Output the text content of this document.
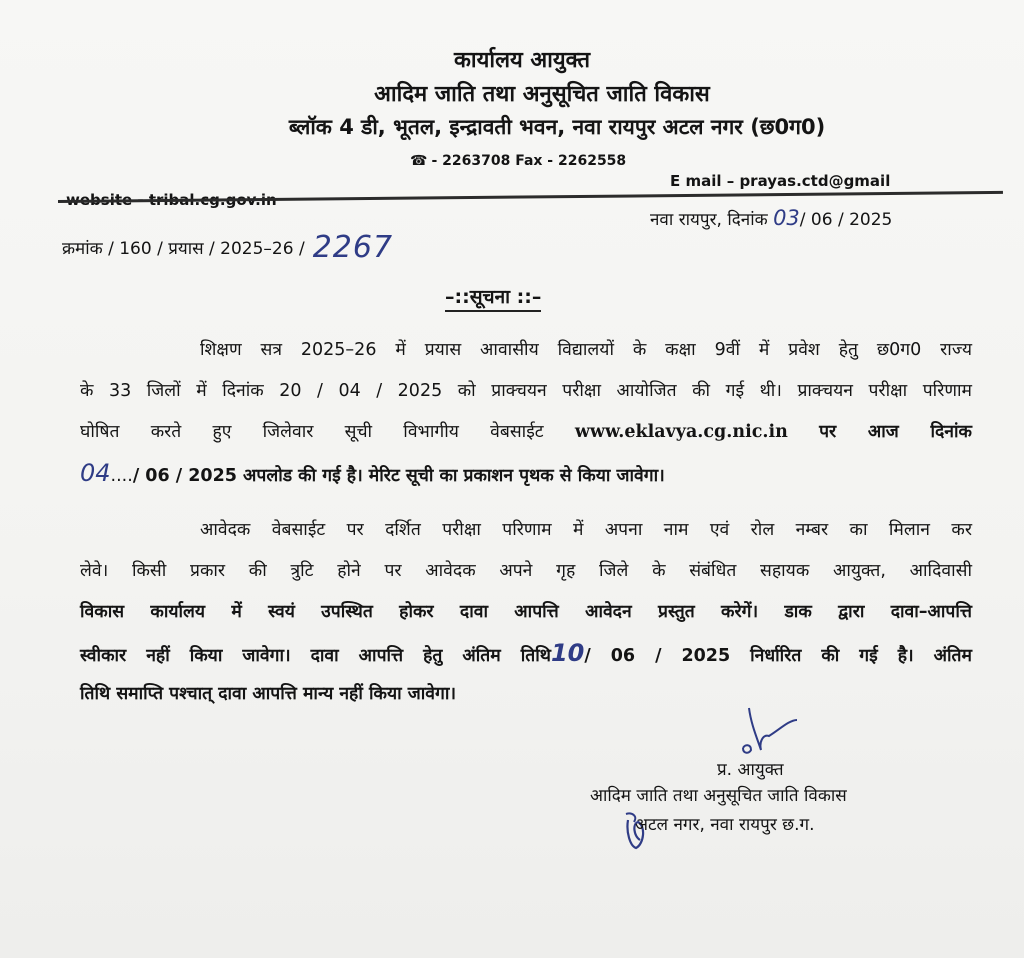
कार्यालय आयुक्त
आदिम जाति तथा अनुसूचित जाति विकास
ब्लॉक 4 डी, भूतल, इन्द्रावती भवन, नवा रायपुर अटल नगर (छ0ग0)
☎ - 2263708 Fax - 2262558
E mail – prayas.ctd@gmail
नवा रायपुर, दिनांक 03/ 06 / 2025
क्रमांक / 160 / प्रयास / 2025–26 / 2267
–::सूचना ::–
शिक्षण सत्र 2025–26 में प्रयास आवासीय विद्यालयों के कक्षा 9वीं में प्रवेश हेतु छ0ग0 राज्य
के 33 जिलों में दिनांक 20 / 04 / 2025 को प्राक्चयन परीक्षा आयोजित की गई थी। प्राक्चयन परीक्षा परिणाम
घोषित करते हुए जिलेवार सूची विभागीय वेबसाईट www.eklavya.cg.nic.in पर आज दिनांक
04..../ 06 / 2025 अपलोड की गई है। मेरिट सूची का प्रकाशन पृथक से किया जावेगा।
आवेदक वेबसाईट पर दर्शित परीक्षा परिणाम में अपना नाम एवं रोल नम्बर का मिलान कर
लेवे। किसी प्रकार की त्रुटि होने पर आवेदक अपने गृह जिले के संबंधित सहायक आयुक्त, आदिवासी
विकास कार्यालय में स्वयं उपस्थित होकर दावा आपत्ति आवेदन प्रस्तुत करेगें। डाक द्वारा दावा–आपत्ति
स्वीकार नहीं किया जावेगा। दावा आपत्ति हेतु अंतिम तिथि10/ 06 / 2025 निर्धारित की गई है। अंतिम
तिथि समाप्ति पश्चात् दावा आपत्ति मान्य नहीं किया जावेगा।
प्र. आयुक्त
आदिम जाति तथा अनुसूचित जाति विकास
अटल नगर, नवा रायपुर छ.ग.
